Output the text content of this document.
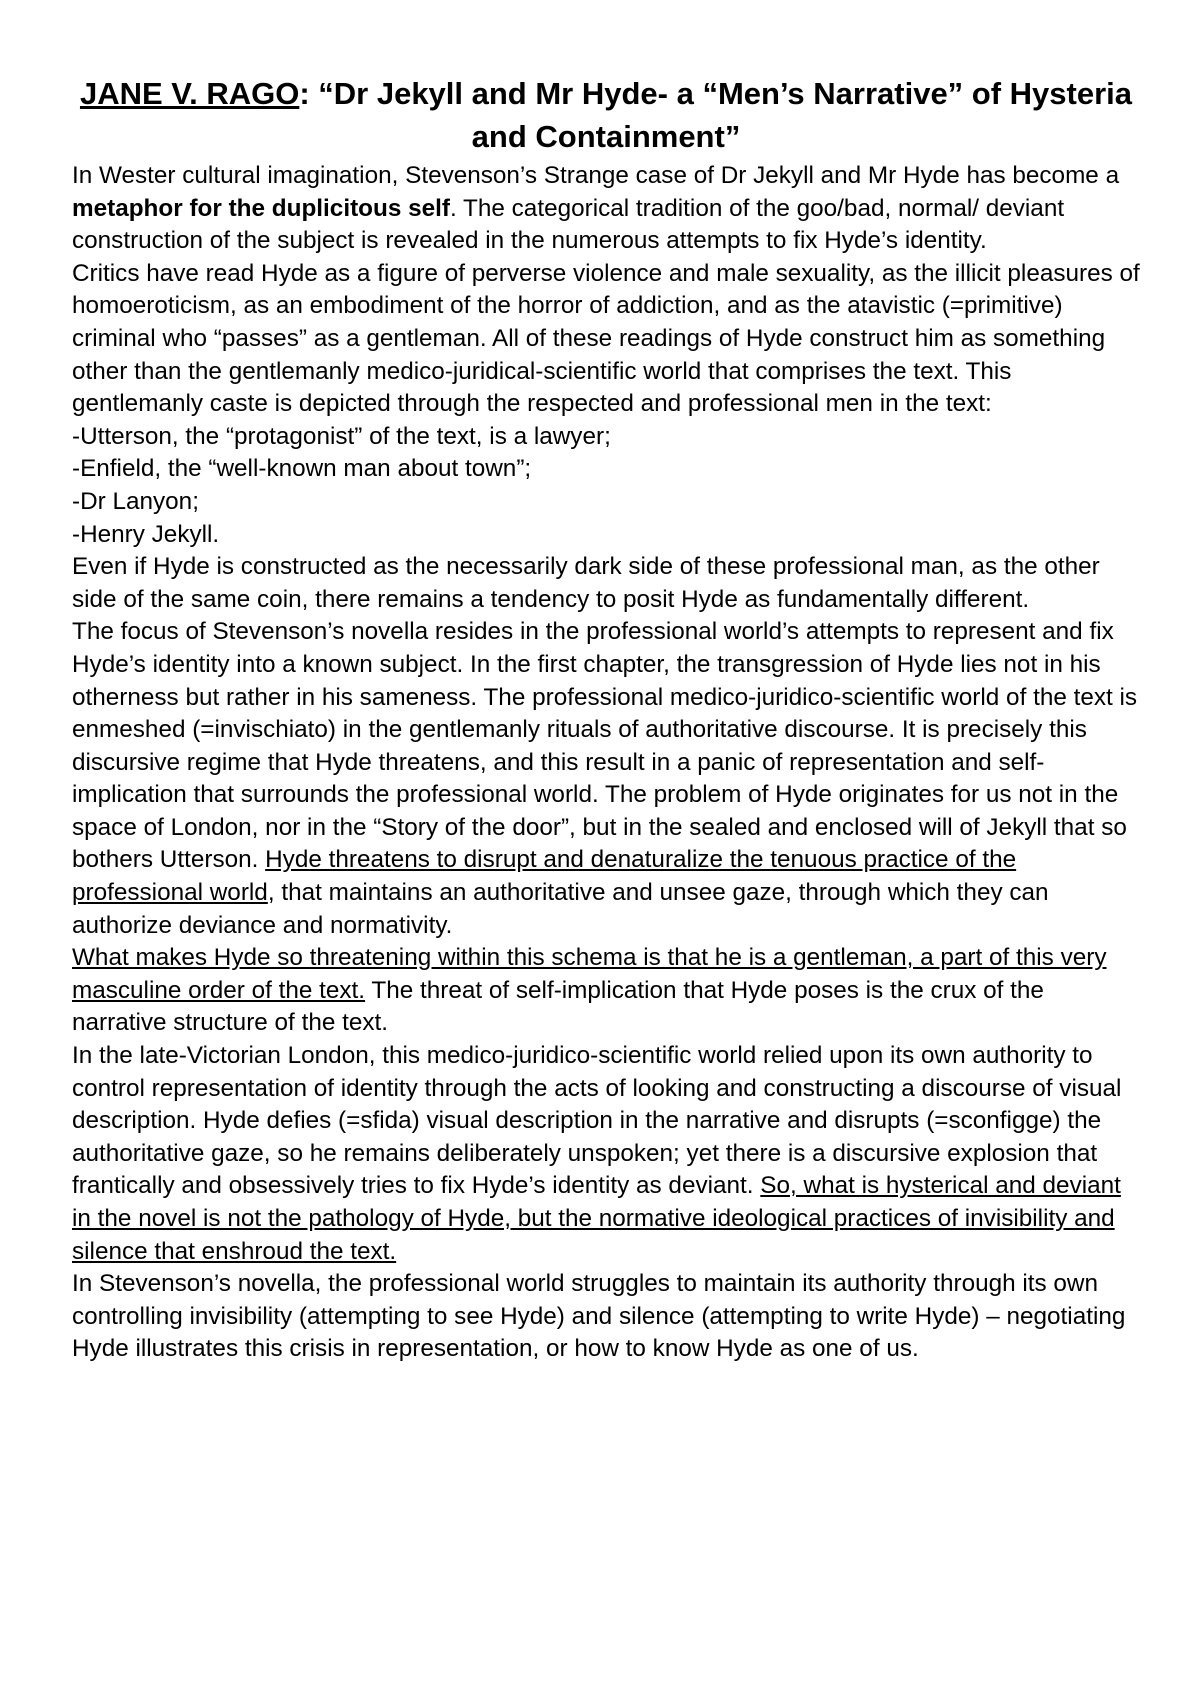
JANE V. RAGO: “Dr Jekyll and Mr Hyde- a “Men’s Narrative” of Hysteria and Containment”

In Wester cultural imagination, Stevenson’s Strange case of Dr Jekyll and Mr Hyde has become a metaphor for the duplicitous self. The categorical tradition of the goo/bad, normal/ deviant construction of the subject is revealed in the numerous attempts to fix Hyde’s identity.

Critics have read Hyde as a figure of perverse violence and male sexuality, as the illicit pleasures of homoeroticism, as an embodiment of the horror of addiction, and as the atavistic (=primitive) criminal who “passes” as a gentleman. All of these readings of Hyde construct him as something other than the gentlemanly medico-juridical-scientific world that comprises the text. This gentlemanly caste is depicted through the respected and professional men in the text:

-Utterson, the “protagonist” of the text, is a lawyer;

-Enfield, the “well-known man about town”;

-Dr Lanyon;

-Henry Jekyll.

Even if Hyde is constructed as the necessarily dark side of these professional man, as the other side of the same coin, there remains a tendency to posit Hyde as fundamentally different.

The focus of Stevenson’s novella resides in the professional world’s attempts to represent and fix Hyde’s identity into a known subject. In the first chapter, the transgression of Hyde lies not in his otherness but rather in his sameness. The professional medico-juridico-scientific world of the text is enmeshed (=invischiato) in the gentlemanly rituals of authoritative discourse. It is precisely this discursive regime that Hyde threatens, and this result in a panic of representation and self-implication that surrounds the professional world. The problem of Hyde originates for us not in the space of London, nor in the “Story of the door”, but in the sealed and enclosed will of Jekyll that so bothers Utterson. Hyde threatens to disrupt and denaturalize the tenuous practice of the professional world, that maintains an authoritative and unsee gaze, through which they can authorize deviance and normativity.

What makes Hyde so threatening within this schema is that he is a gentleman, a part of this very masculine order of the text. The threat of self-implication that Hyde poses is the crux of the narrative structure of the text.

In the late-Victorian London, this medico-juridico-scientific world relied upon its own authority to control representation of identity through the acts of looking and constructing a discourse of visual description. Hyde defies (=sfida) visual description in the narrative and disrupts (=sconfigge) the authoritative gaze, so he remains deliberately unspoken; yet there is a discursive explosion that frantically and obsessively tries to fix Hyde’s identity as deviant. So, what is hysterical and deviant in the novel is not the pathology of Hyde, but the normative ideological practices of invisibility and silence that enshroud the text.

In Stevenson’s novella, the professional world struggles to maintain its authority through its own controlling invisibility (attempting to see Hyde) and silence (attempting to write Hyde) – negotiating Hyde illustrates this crisis in representation, or how to know Hyde as one of us.
